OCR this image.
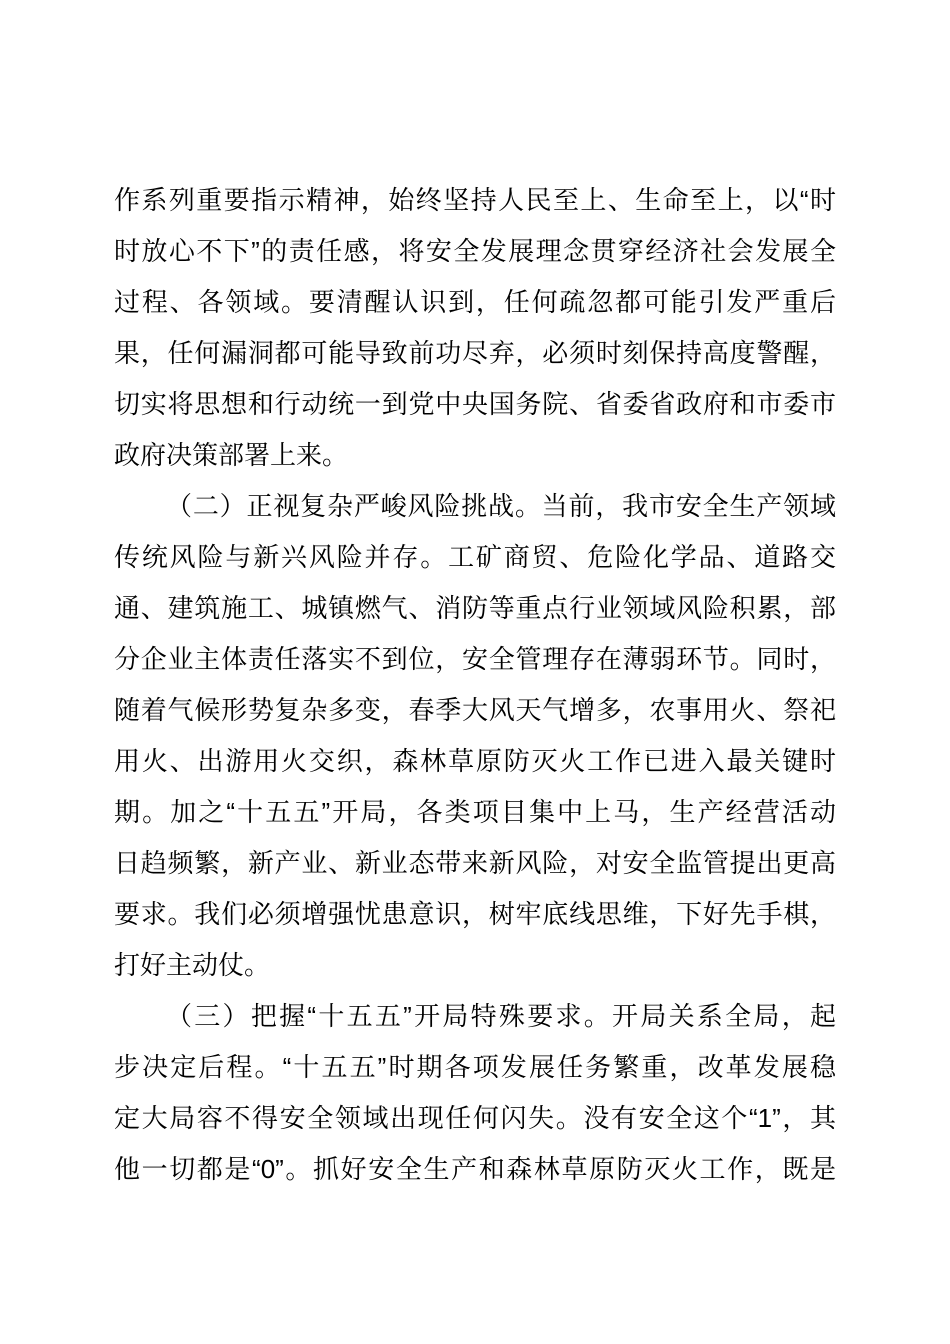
作系列重要指示精神，始终坚持人民至上、生命至上，以“时
时放心不下”的责任感，将安全发展理念贯穿经济社会发展全
过程、各领域。要清醒认识到，任何疏忽都可能引发严重后
果，任何漏洞都可能导致前功尽弃，必须时刻保持高度警醒，
切实将思想和行动统一到党中央国务院、省委省政府和市委市
政府决策部署上来。
（二）正视复杂严峻风险挑战。当前，我市安全生产领域
传统风险与新兴风险并存。工矿商贸、危险化学品、道路交
通、建筑施工、城镇燃气、消防等重点行业领域风险积累，部
分企业主体责任落实不到位，安全管理存在薄弱环节。同时，
随着气候形势复杂多变，春季大风天气增多，农事用火、祭祀
用火、出游用火交织，森林草原防灭火工作已进入最关键时
期。加之“十五五”开局，各类项目集中上马，生产经营活动
日趋频繁，新产业、新业态带来新风险，对安全监管提出更高
要求。我们必须增强忧患意识，树牢底线思维，下好先手棋，
打好主动仗。
（三）把握“十五五”开局特殊要求。开局关系全局，起
步决定后程。“十五五”时期各项发展任务繁重，改革发展稳
定大局容不得安全领域出现任何闪失。没有安全这个“1”，其
他一切都是“0”。抓好安全生产和森林草原防灭火工作，既是
